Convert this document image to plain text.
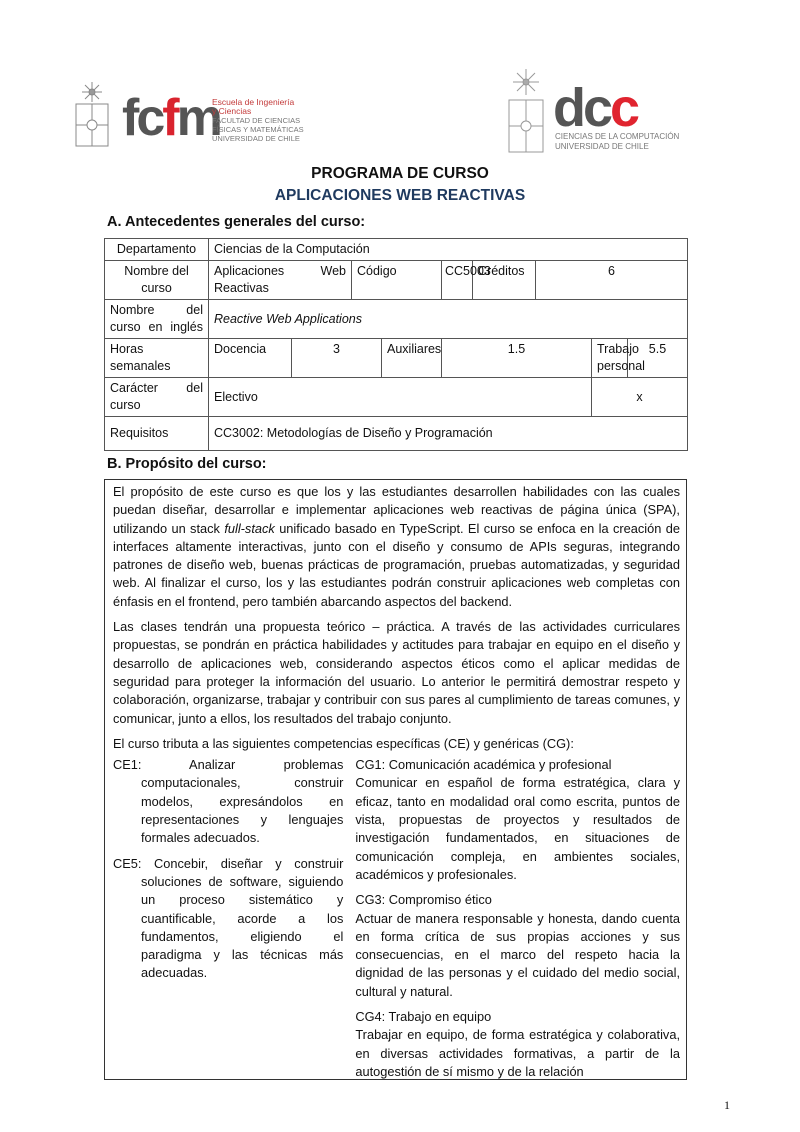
fcfm
Escuela de Ingeniería
y Ciencias
FACULTAD DE CIENCIAS
FÍSICAS Y MATEMÁTICAS
UNIVERSIDAD DE CHILE
dcc
CIENCIAS DE LA COMPUTACIÓN
UNIVERSIDAD DE CHILE
PROGRAMA DE CURSO
APLICACIONES WEB REACTIVAS
A. Antecedentes generales del curso:
Departamento	Ciencias de la Computación								
Nombre del curso	Aplicaciones Web Reactivas		Código		CC5003	Créditos	6		

Nombre del curso en inglés	Reactive Web Applications								
Horas semanales	Docencia	3		Auxiliares	1.5			Trabajo personal	5.5

Carácter del curso	Electivo							x	
Requisitos	CC3002: Metodologías de Diseño y Programación								
B. Propósito del curso:

El propósito de este curso es que los y las estudiantes desarrollen habilidades con las cuales puedan diseñar, desarrollar e implementar aplicaciones web reactivas de página única (SPA), utilizando un stack full-stack unificado basado en TypeScript. El curso se enfoca en la creación de interfaces altamente interactivas, junto con el diseño y consumo de APIs seguras, integrando patrones de diseño web, buenas prácticas de programación, pruebas automatizadas, y seguridad web. Al finalizar el curso, los y las estudiantes podrán construir aplicaciones web completas con énfasis en el frontend, pero también abarcando aspectos del backend.

Las clases tendrán una propuesta teórico – práctica. A través de las actividades curriculares propuestas, se pondrán en práctica habilidades y actitudes para trabajar en equipo en el diseño y desarrollo de aplicaciones web, considerando aspectos éticos como el aplicar medidas de seguridad para proteger la información del usuario. Lo anterior le permitirá demostrar respeto y colaboración, organizarse, trabajar y contribuir con sus pares al cumplimiento de tareas comunes, y comunicar, junto a ellos, los resultados del trabajo conjunto.

El curso tributa a las siguientes competencias específicas (CE) y genéricas (CG):

CE1: Analizar problemas computacionales, construir modelos, expresándolos en representaciones y lenguajes formales adecuados.

CE5: Concebir, diseñar y construir soluciones de software, siguiendo un proceso sistemático y cuantificable, acorde a los fundamentos, eligiendo el paradigma y las técnicas más adecuadas.

CG1: Comunicación académica y profesional
Comunicar en español de forma estratégica, clara y eficaz, tanto en modalidad oral como escrita, puntos de vista, propuestas de proyectos y resultados de investigación fundamentados, en situaciones de comunicación compleja, en ambientes sociales, académicos y profesionales.

CG3: Compromiso ético
Actuar de manera responsable y honesta, dando cuenta en forma crítica de sus propias acciones y sus consecuencias, en el marco del respeto hacia la dignidad de las personas y el cuidado del medio social, cultural y natural.

CG4: Trabajo en equipo
Trabajar en equipo, de forma estratégica y colaborativa, en diversas actividades formativas, a partir de la autogestión de sí mismo y de la relación

1
